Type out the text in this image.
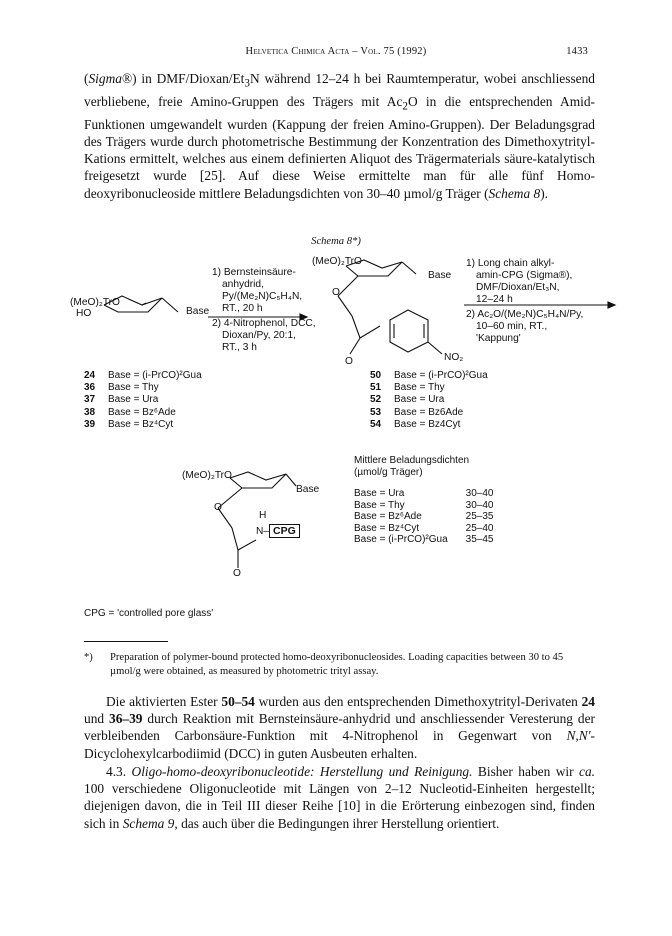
Helvetica Chimica Acta – Vol. 75 (1992)	1433

(Sigma®) in DMF/$Dioxan/Et_3N$ während 12–24 h bei Raumtemperatur, wobei anschliessend verbliebene, freie Amino-Gruppen des Trägers mit $Ac_2O$ in die entsprechenden Amid-Funktionen umgewandelt wurden (Kappung der freien Amino-Gruppen). Der Beladungsgrad des Trägers wurde durch photometrische Bestimmung der Konzentration des Dimethoxytrityl-Kations ermittelt, welches aus einem definierten Aliquot des Trägermaterials säure-katalytisch freigesetzt wurde [25]. Auf diese Weise ermittelte man für alle fünf Homo-deoxyribonucleoside mittlere Beladungsdichten von 30–40 µmol/g Träger (Schema 8).

Schema 8*)
(MeO)₂TrO
HO	Base
1) Bernsteinsäure-
anhydrid,
Py/(Me₂N)C₅H₄N,
RT., 20 h
2) 4-Nitrophenol, DCC,
Dioxan/Py, 20:1,
RT., 3 h
(MeO)₂TrO
Base
O
O	NO₂
1) Long chain alkyl-
amin-CPG (Sigma®),
DMF/Dioxan/Et₃N,
12–24 h
2) Ac₂O/(Me₂N)C₅H₄N/Py,
10–60 min, RT.,
'Kappung'
24 Base = (i-PrCO)²Gua
36 Base = Thy
37 Base = Ura
38 Base = Bz⁶Ade
39 Base = Bz⁴Cyt
50 Base = (i-PrCO)²Gua
51 Base = Thy
52 Base = Ura
53 Base = Bz6Ade
54 Base = Bz4Cyt
(MeO)₂TrO
Base
O
H
N– CPG
O
Mittlere Beladungsdichten
(µmol/g Träger)
Base = Ura	30–40
Base = Thy	30–40
Base = Bz⁶Ade	25–35
Base = Bz⁴Cyt	25–40
Base = (i-PrCO)²Gua	35–45
CPG = 'controlled pore glass'
*)	Preparation of polymer-bound protected homo-deoxyribonucleosides. Loading capacities between 30 to 45 µmol/g were obtained, as measured by photometric trityl assay.

Die aktivierten Ester 50–54 wurden aus den entsprechenden Dimethoxytrityl-Derivaten 24 und 36–39 durch Reaktion mit Bernsteinsäure-anhydrid und anschliessender Veresterung der verbleibenden Carbonsäure-Funktion mit 4-Nitrophenol in Gegenwart von N,N'-Dicyclohexylcarbodiimid (DCC) in guten Ausbeuten erhalten.

4.3. Oligo-homo-deoxyribonucleotide: Herstellung und Reinigung. Bisher haben wir ca. 100 verschiedene Oligonucleotide mit Längen von 2–12 Nucleotid-Einheiten hergestellt; diejenigen davon, die in Teil III dieser Reihe [10] in die Erörterung einbezogen sind, finden sich in Schema 9, das auch über die Bedingungen ihrer Herstellung orientiert.
